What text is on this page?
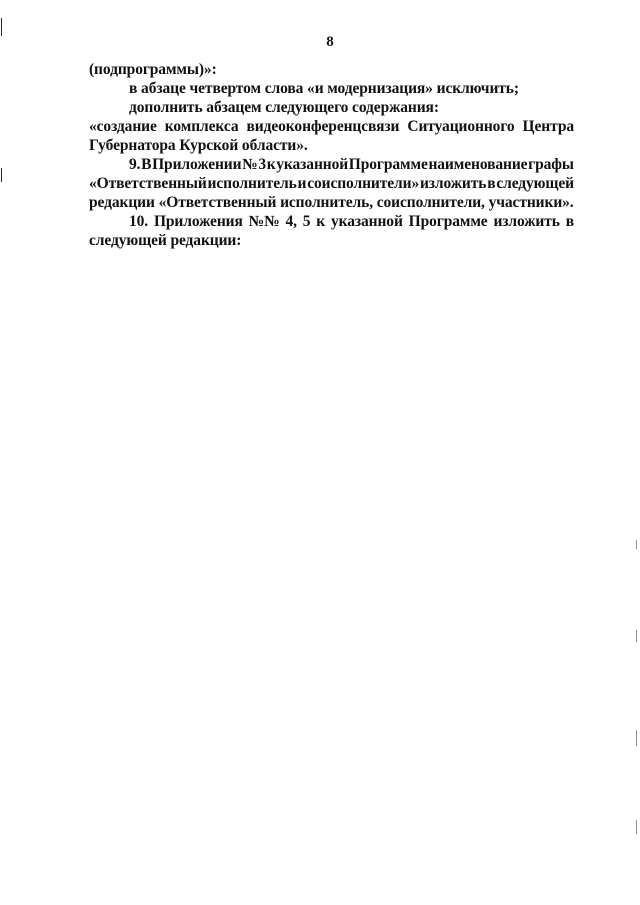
8
(подпрограммы)»:
в абзаце четвертом слова «и модернизация» исключить;
дополнить абзацем следующего содержания:
«создание комплекса видеоконференцсвязи Ситуационного Центра
Губернатора Курской области».
9. В Приложении № 3 к указанной Программе наименование графы
«Ответственный исполнитель и соисполнители» изложить в следующей
редакции «Ответственный исполнитель, соисполнители, участники».
10. Приложения №№ 4, 5 к указанной Программе изложить в
следующей редакции:
